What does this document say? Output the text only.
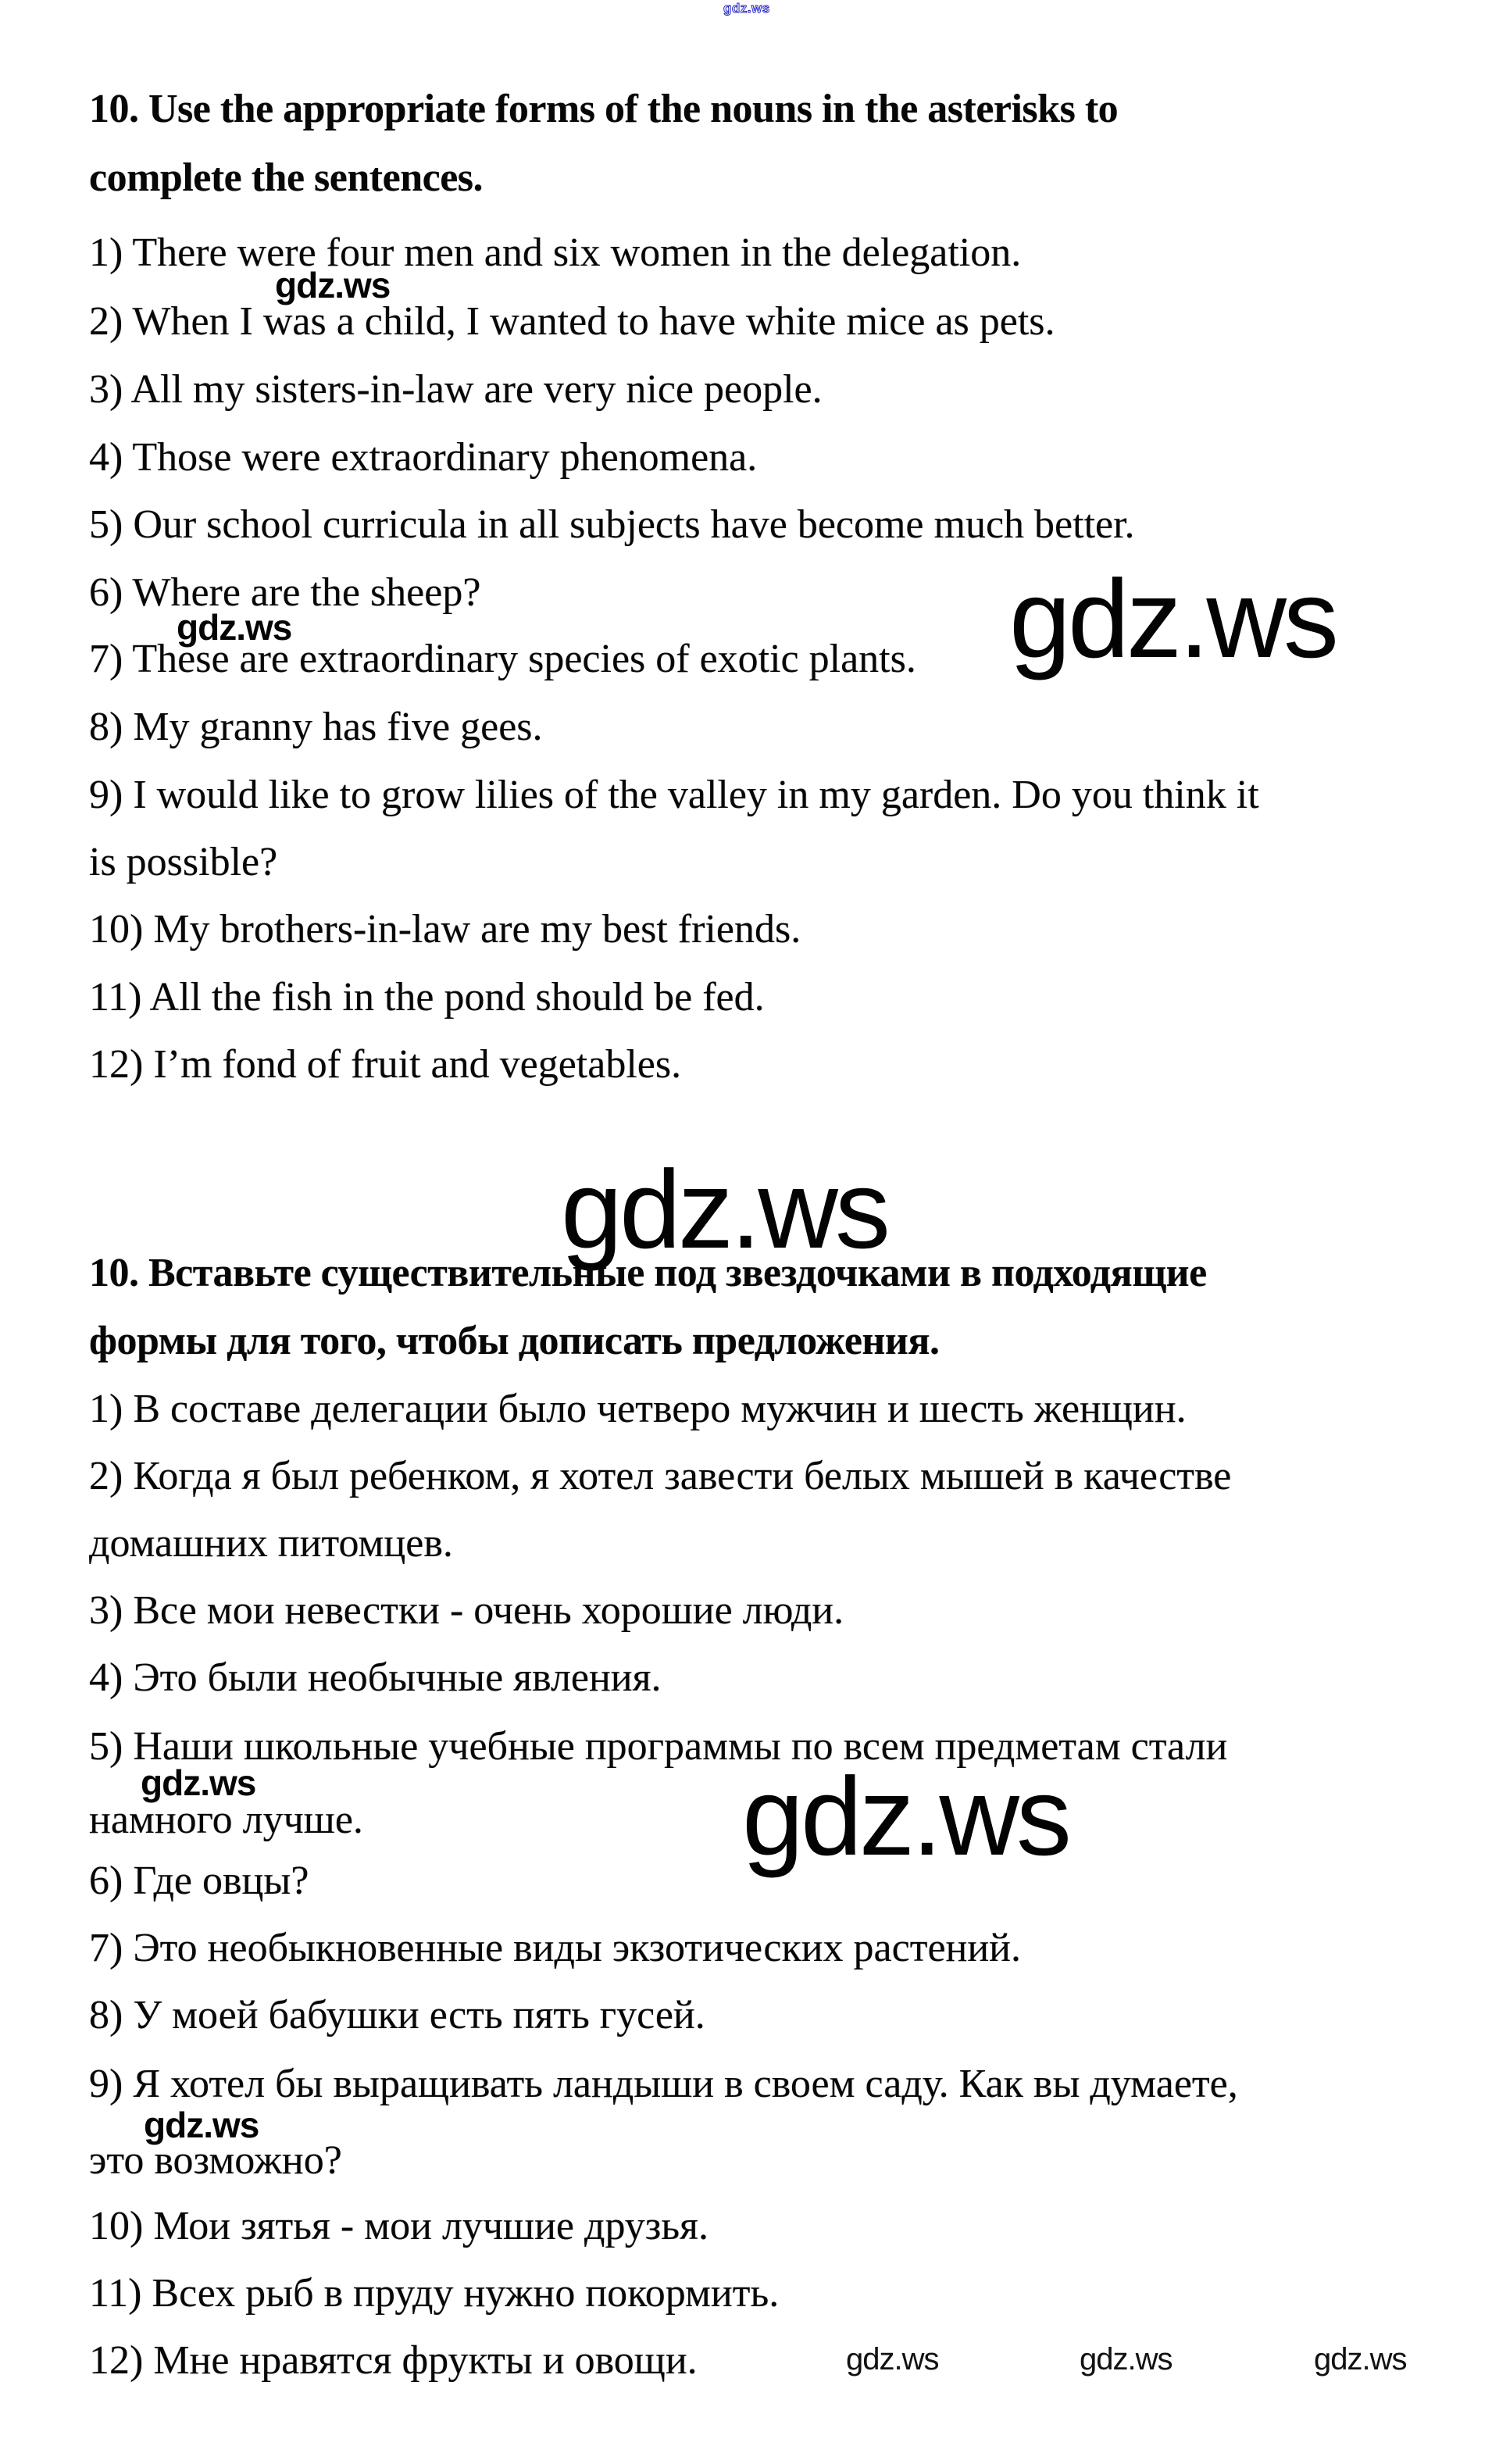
gdz.ws
gdz.ws
gdz.ws
gdz.ws
gdz.ws
gdz.ws
gdz.ws
gdz.ws
gdz.ws	gdz.ws	gdz.ws
10. Use the appropriate forms of the nouns in the asterisks to
complete the sentences.
1) There were four men and six women in the delegation.
2) When I was a child, I wanted to have white mice as pets.
3) All my sisters-in-law are very nice people.
4) Those were extraordinary phenomena.
5) Our school curricula in all subjects have become much better.
6) Where are the sheep?
7) These are extraordinary species of exotic plants.
8) My granny has five gees.
9) I would like to grow lilies of the valley in my garden. Do you think it
is possible?
10) My brothers-in-law are my best friends.
11) All the fish in the pond should be fed.
12) I’m fond of fruit and vegetables.
10. Вставьте существительные под звездочками в подходящие
формы для того, чтобы дописать предложения.
1) В составе делегации было четверо мужчин и шесть женщин.
2) Когда я был ребенком, я хотел завести белых мышей в качестве
домашних питомцев.
3) Все мои невестки - очень хорошие люди.
4) Это были необычные явления.
5) Наши школьные учебные программы по всем предметам стали
намного лучше.
6) Где овцы?
7) Это необыкновенные виды экзотических растений.
8) У моей бабушки есть пять гусей.
9) Я хотел бы выращивать ландыши в своем саду. Как вы думаете,
это возможно?
10) Мои зятья - мои лучшие друзья.
11) Всех рыб в пруду нужно покормить.
12) Мне нравятся фрукты и овощи.
